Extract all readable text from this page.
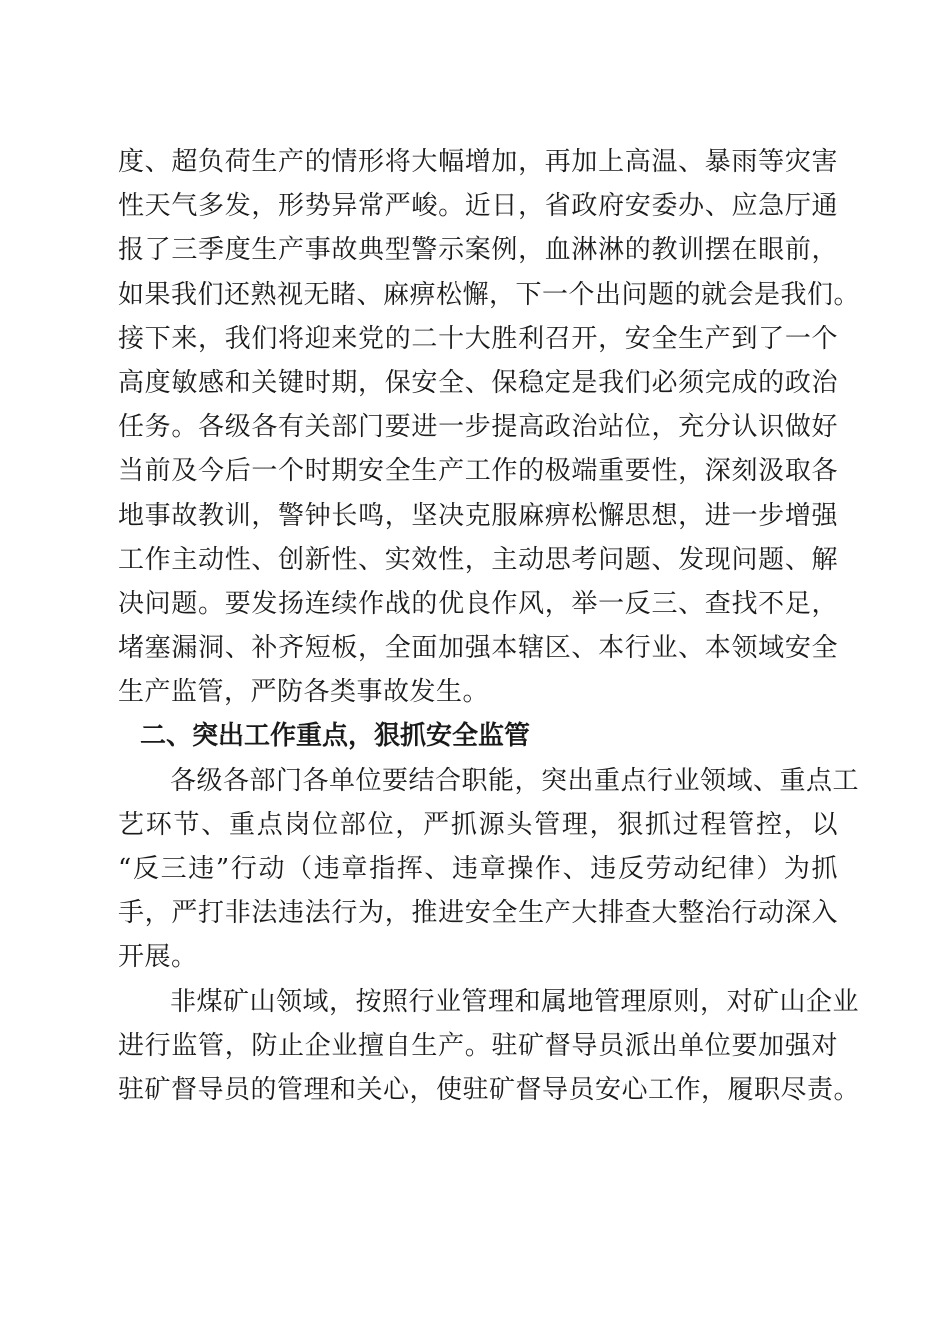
度、超负荷生产的情形将大幅增加，再加上高温、暴雨等灾害
性天气多发，形势异常严峻。近日，省政府安委办、应急厅通
报了三季度生产事故典型警示案例，血淋淋的教训摆在眼前，
如果我们还熟视无睹、麻痹松懈，下一个出问题的就会是我们。
接下来，我们将迎来党的二十大胜利召开，安全生产到了一个
高度敏感和关键时期，保安全、保稳定是我们必须完成的政治
任务。各级各有关部门要进一步提高政治站位，充分认识做好
当前及今后一个时期安全生产工作的极端重要性，深刻汲取各
地事故教训，警钟长鸣，坚决克服麻痹松懈思想，进一步增强
工作主动性、创新性、实效性，主动思考问题、发现问题、解
决问题。要发扬连续作战的优良作风，举一反三、查找不足，
堵塞漏洞、补齐短板，全面加强本辖区、本行业、本领域安全
生产监管，严防各类事故发生。
二、突出工作重点，狠抓安全监管
各级各部门各单位要结合职能，突出重点行业领域、重点工
艺环节、重点岗位部位，严抓源头管理，狠抓过程管控，以
“反三违”行动（违章指挥、违章操作、违反劳动纪律）为抓
手，严打非法违法行为，推进安全生产大排查大整治行动深入
开展。
非煤矿山领域，按照行业管理和属地管理原则，对矿山企业
进行监管，防止企业擅自生产。驻矿督导员派出单位要加强对
驻矿督导员的管理和关心，使驻矿督导员安心工作，履职尽责。
